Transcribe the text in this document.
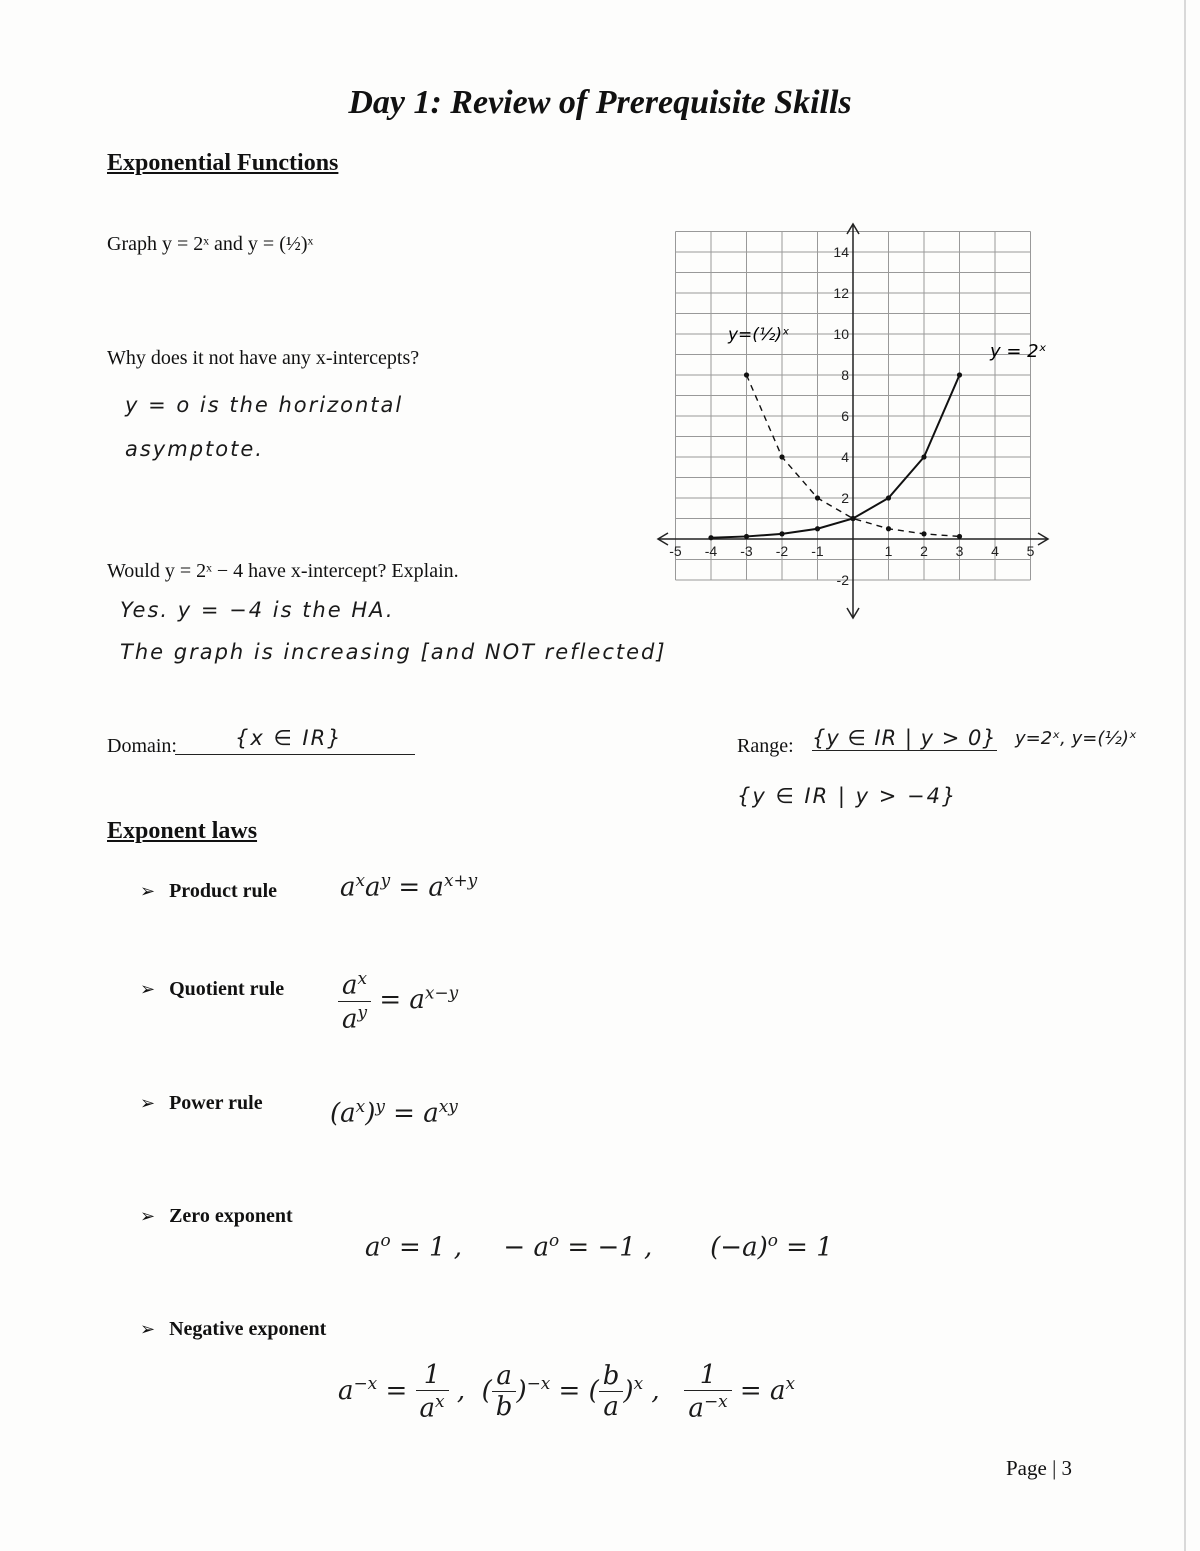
Day 1: Review of Prerequisite Skills
Exponential Functions
Graph y = 2ˣ and y = (½)ˣ
Why does it not have any x-intercepts?
y = o is the horizontal
asymptote.
Would y = 2ˣ − 4 have x-intercept? Explain.
Yes. y = −4 is the HA.
The graph is increasing [and NOT reflected]
-5 -4 -3 -2 -1	1 2 3 4 5
14
12
10
8
6
4
2
-2
y = 2ˣ
y=(½)ˣ
Domain:	{x ∈ IR}	Range: {y ∈ IR | y > 0} y=2ˣ, y=(½)ˣ
{y ∈ IR | y > −4}
Exponent laws
➢ Product rule $a^xa^y = a^{x+y}$
➢ Quotient rule $\frac{a^x}{a^y} = a^{x-y}$
➢ Power rule	$(a^x)^y = a^{xy}$
➢ Zero exponent
$a^o = 1$ ,     − $a^o = -1$ ,       $(-a)^o = 1$
➢ Negative exponent
$a^{-x} = \frac{1}{a^x}$ ,  ( $\frac{a}{b} )^{-x}$ = ( $\frac{b}{a} )^x$ , $\frac{1}{a^{-x}} = a^x$
Page | 3
